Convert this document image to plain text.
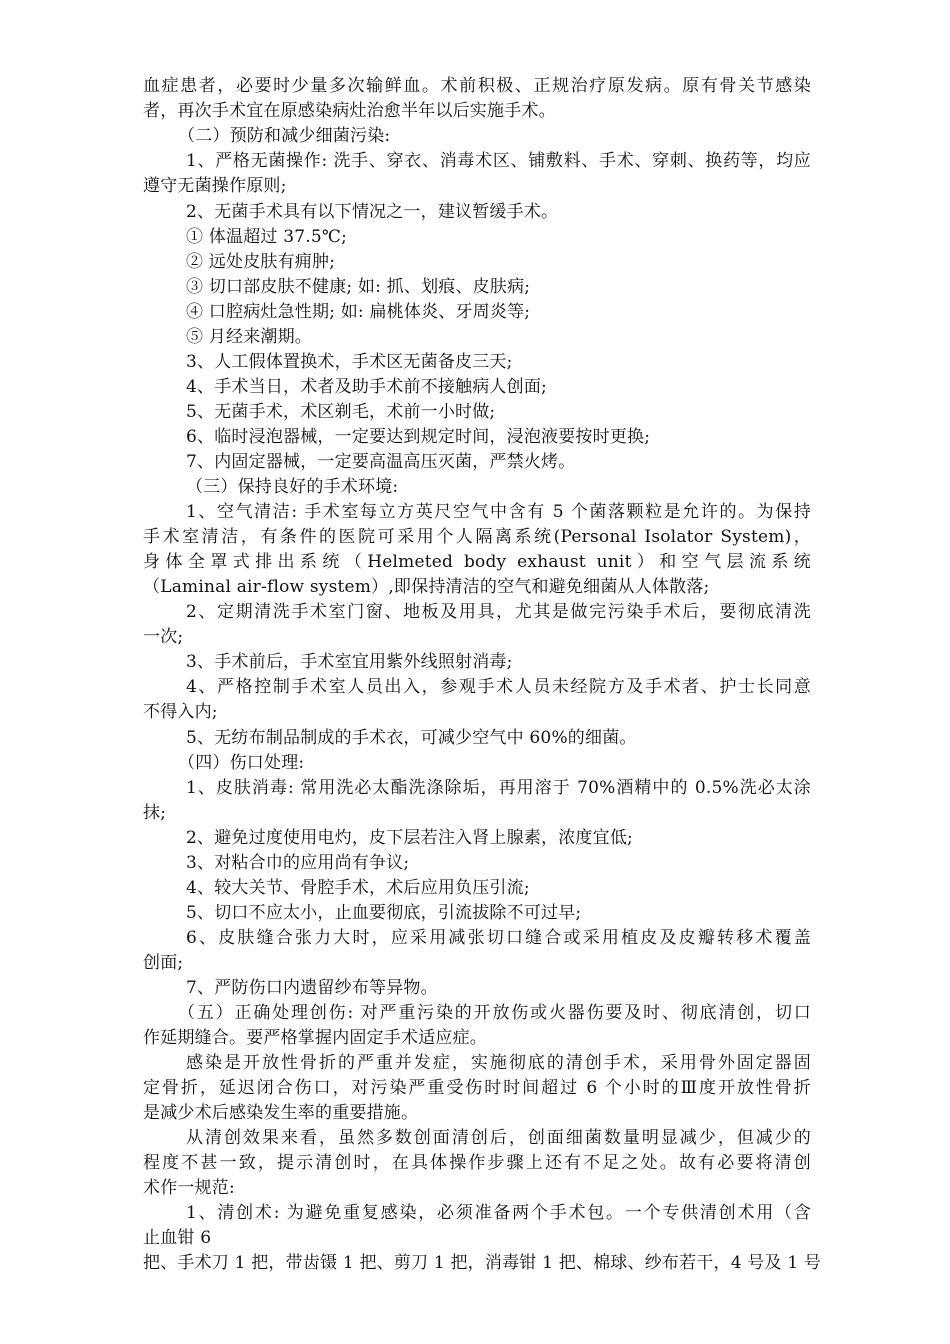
血症患者，必要时少量多次输鲜血。术前积极、正规治疗原发病。原有骨关节感染
者，再次手术宜在原感染病灶治愈半年以后实施手术。
（二）预防和减少细菌污染:
1、严格无菌操作: 洗手、穿衣、消毒术区、铺敷料、手术、穿刺、换药等，均应
遵守无菌操作原则;
2、无菌手术具有以下情况之一，建议暂缓手术。
① 体温超过 37.5℃;
② 远处皮肤有痈肿;
③ 切口部皮肤不健康; 如: 抓、划痕、皮肤病;
④ 口腔病灶急性期; 如: 扁桃体炎、牙周炎等;
⑤ 月经来潮期。
3、人工假体置换术，手术区无菌备皮三天;
4、手术当日，术者及助手术前不接触病人创面;
5、无菌手术，术区剃毛，术前一小时做;
6、临时浸泡器械，一定要达到规定时间，浸泡液要按时更换;
7、内固定器械，一定要高温高压灭菌，严禁火烤。
（三）保持良好的手术环境:
1、空气清洁: 手术室每立方英尺空气中含有 5 个菌落颗粒是允许的。为保持
手术室清洁，有条件的医院可采用个人隔离系统(Personal Isolator System)，
身体全罩式排出系统（Helmeted body exhaust unit）和空气层流系统
（Laminal air-flow system）,即保持清洁的空气和避免细菌从人体散落;
2、定期清洗手术室门窗、地板及用具，尤其是做完污染手术后，要彻底清洗
一次;
3、手术前后，手术室宜用紫外线照射消毒;
4、严格控制手术室人员出入，参观手术人员未经院方及手术者、护士长同意
不得入内;
5、无纺布制品制成的手术衣，可减少空气中 60%的细菌。
（四）伤口处理:
1、皮肤消毒: 常用洗必太酯洗涤除垢，再用溶于 70%酒精中的 0.5%洗必太涂
抹;
2、避免过度使用电灼，皮下层若注入肾上腺素，浓度宜低;
3、对粘合巾的应用尚有争议;
4、较大关节、骨腔手术，术后应用负压引流;
5、切口不应太小，止血要彻底，引流拔除不可过早;
6、皮肤缝合张力大时，应采用减张切口缝合或采用植皮及皮瓣转移术覆盖
创面;
7、严防伤口内遗留纱布等异物。
（五）正确处理创伤: 对严重污染的开放伤或火器伤要及时、彻底清创，切口
作延期缝合。要严格掌握内固定手术适应症。
感染是开放性骨折的严重并发症，实施彻底的清创手术，采用骨外固定器固
定骨折，延迟闭合伤口，对污染严重受伤时时间超过 6 个小时的Ⅲ度开放性骨折
是减少术后感染发生率的重要措施。
从清创效果来看，虽然多数创面清创后，创面细菌数量明显减少，但减少的
程度不甚一致，提示清创时，在具体操作步骤上还有不足之处。故有必要将清创
术作一规范:
1、清创术: 为避免重复感染，必须准备两个手术包。一个专供清创术用（含
止血钳 6
把、手术刀 1 把，带齿镊 1 把、剪刀 1 把，消毒钳 1 把、棉球、纱布若干，4 号及 1 号
